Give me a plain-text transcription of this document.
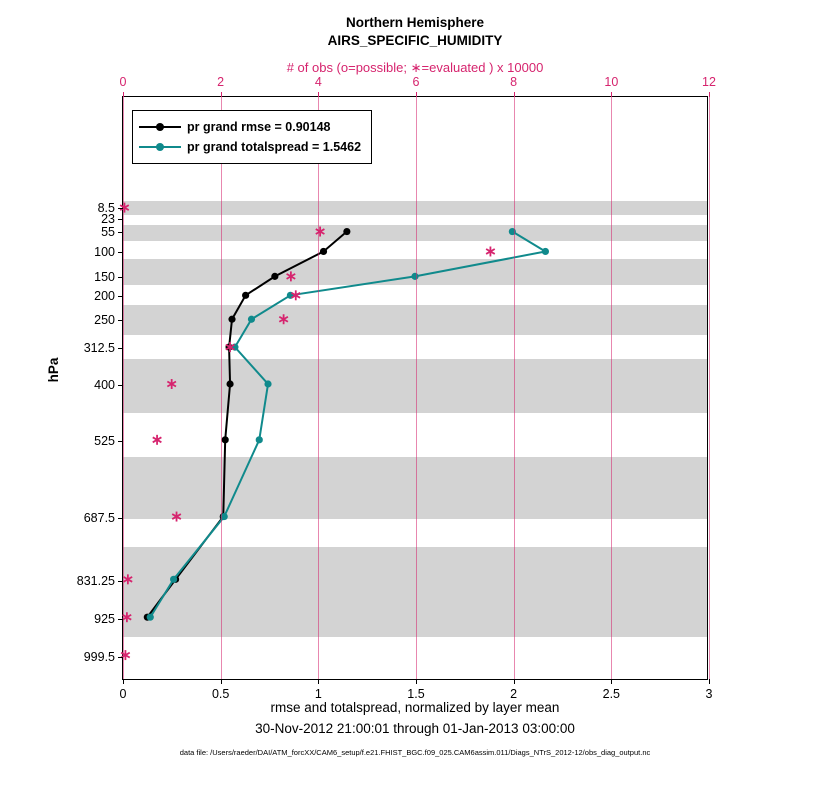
Northern Hemisphere
AIRS_SPECIFIC_HUMIDITY
# of obs (o=possible; ∗=evaluated ) x 10000
0	0.5	1	1.5	2	2.5	3
0	2	4	6	8	10	12
8.5
23
55
100
150
200
250
312.5
400
525
687.5
831.25
925
999.5
hPa
pr grand rmse = 0.90148
pr grand totalspread = 1.5462
rmse and totalspread, normalized by layer mean
30-Nov-2012 21:00:01 through 01-Jan-2013 03:00:00
data file: /Users/raeder/DAI/ATM_forcXX/CAM6_setup/f.e21.FHIST_BGC.f09_025.CAM6assim.011/Diags_NTrS_2012-12/obs_diag_output.nc
